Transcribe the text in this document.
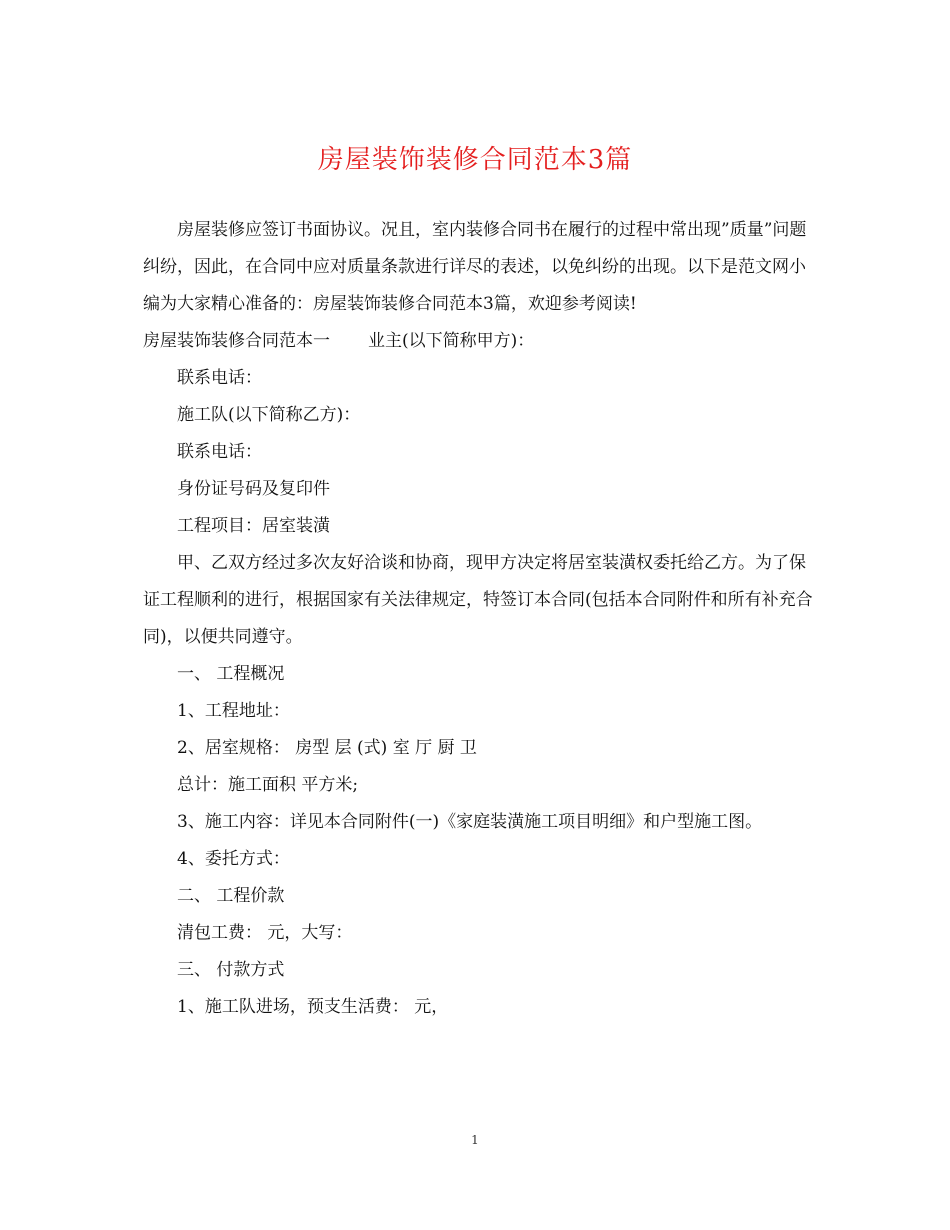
房屋装饰装修合同范本3篇

房屋装修应签订书面协议。况且，室内装修合同书在履行的过程中常出现”质量”问题纠纷，因此，在合同中应对质量条款进行详尽的表述，以免纠纷的出现。以下是范文网小编为大家精心准备的：房屋装饰装修合同范本3篇，欢迎参考阅读!

房屋装饰装修合同范本一 业主(以下简称甲方)：

联系电话：

施工队(以下简称乙方)：

联系电话：

身份证号码及复印件

工程项目：居室装潢

甲、乙双方经过多次友好洽谈和协商，现甲方决定将居室装潢权委托给乙方。为了保证工程顺利的进行，根据国家有关法律规定，特签订本合同(包括本合同附件和所有补充合同)，以便共同遵守。

一、 工程概况

1、工程地址：

2、居室规格： 房型 层 (式) 室 厅 厨 卫

总计：施工面积 平方米;

3、施工内容：详见本合同附件(一)《家庭装潢施工项目明细》和户型施工图。

4、委托方式：

二、 工程价款

清包工费： 元，大写：

三、 付款方式

1、施工队进场，预支生活费： 元，

1
